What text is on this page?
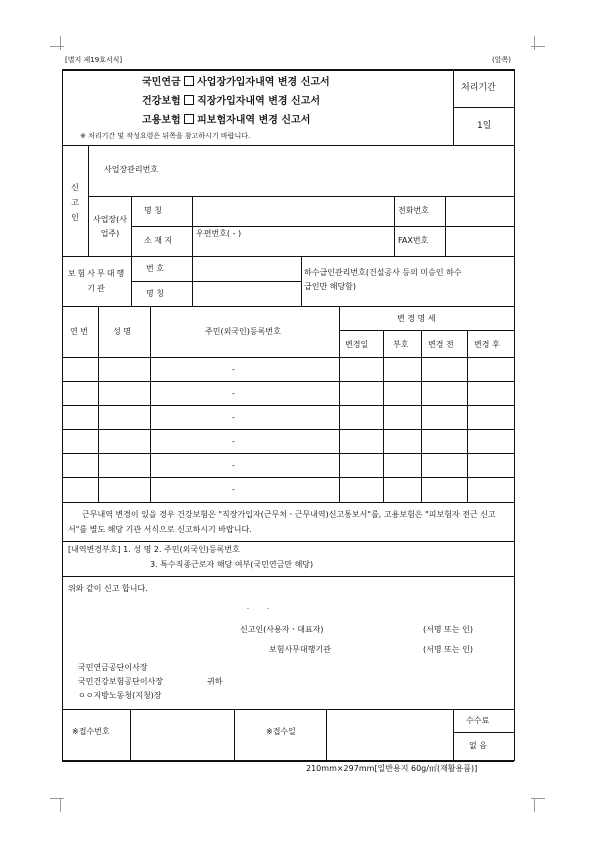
[별지 제19호서식]	(앞쪽)
국민연금 사업장가입자내역 변경 신고서
건강보험 직장가입자내역 변경 신고서
고용보험 피보험자내역 변경 신고서
※ 처리기간 및 작성요령은 뒤쪽을 참고하시기 바랍니다.
처리기간
1일
신고인
사업장관리번호
사업장(사업주)
명 칭
소 재 지
우편번호( - )
전화번호
FAX번호
보험사무대행기관
번 호
명 칭
하수급인관리번호(건설공사 등의 미승인 하수급인만 해당함)
연 번	성 명	주민(외국인)등록번호
변 경 명 세
변경일	부호 변경 전	변경 후
-
-
-
-
-
-
근무내역 변경이 있을 경우 건강보험은 "직장가입자(근무처ㆍ근무내역)신고통보서"를, 고용보험은 "피보험자 전근 신고서"를 별도 해당 기관 서식으로 신고하시기 바랍니다.
[내역변경부호] 1. 성 명 2. 주민(외국인)등록번호
3. 특수직종근로자 해당 여부(국민연금만 해당)
위와 같이 신고 합니다.
.        .
신고인(사용자ㆍ대표자)	(서명 또는 인)
보험사무대행기관	(서명 또는 인)
국민연금공단이사장
국민건강보험공단이사장	귀하
ㅇㅇ지방노동청(지청)장
※접수번호	※접수일
수수료
없 음
210mm×297mm[일반용지 60g/㎡(재활용품)]
